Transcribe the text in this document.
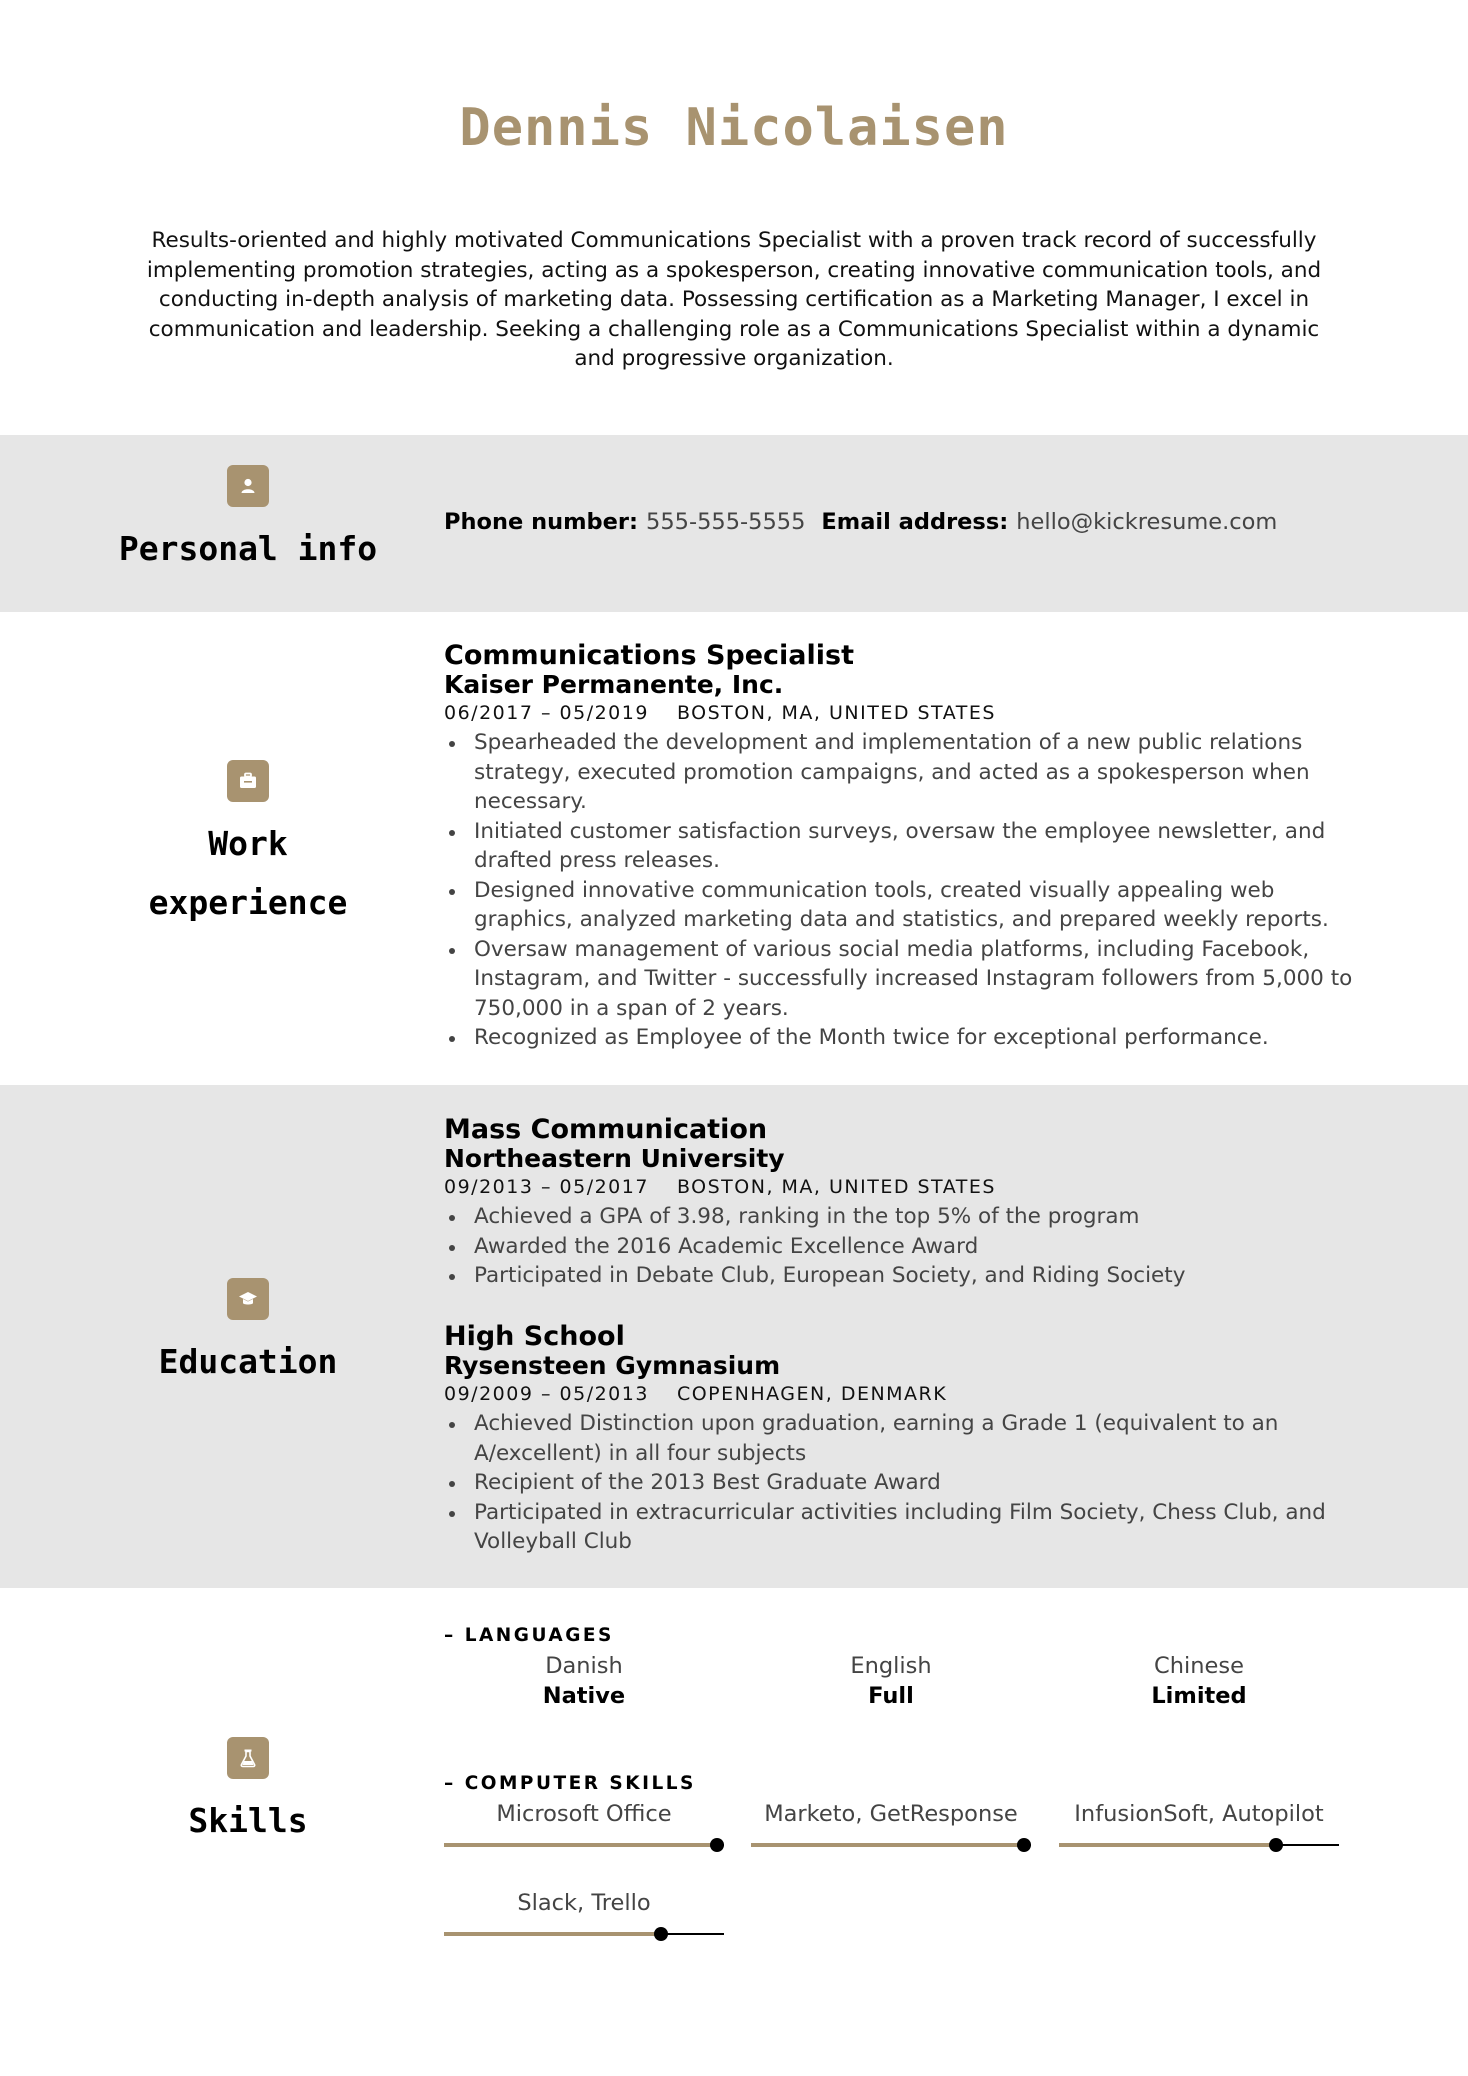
Dennis Nicolaisen

Results-oriented and highly motivated Communications Specialist with a proven track record of successfully implementing promotion strategies, acting as a spokesperson, creating innovative communication tools, and conducting in-depth analysis of marketing data. Possessing certification as a Marketing Manager, I excel in communication and leadership. Seeking a challenging role as a Communications Specialist within a dynamic and progressive organization.

Personal info
Phone number: 555-555-5555 Email address: hello@kickresume.com
Work
experience
Communications Specialist
Kaiser Permanente, Inc.
06/2017 – 05/2019 BOSTON, MA, UNITED STATES
Spearheaded the development and implementation of a new public relations strategy, executed promotion campaigns, and acted as a spokesperson when necessary.
Initiated customer satisfaction surveys, oversaw the employee newsletter, and drafted press releases.
Designed innovative communication tools, created visually appealing web graphics, analyzed marketing data and statistics, and prepared weekly reports.
Oversaw management of various social media platforms, including Facebook, Instagram, and Twitter - successfully increased Instagram followers from 5,000 to 750,000 in a span of 2 years.
Recognized as Employee of the Month twice for exceptional performance.
Education
Mass Communication
Northeastern University
09/2013 – 05/2017 BOSTON, MA, UNITED STATES
Achieved a GPA of 3.98, ranking in the top 5% of the program
Awarded the 2016 Academic Excellence Award
Participated in Debate Club, European Society, and Riding Society
High School
Rysensteen Gymnasium
09/2009 – 05/2013 COPENHAGEN, DENMARK
Achieved Distinction upon graduation, earning a Grade 1 (equivalent to an A/excellent) in all four subjects
Recipient of the 2013 Best Graduate Award
Participated in extracurricular activities including Film Society, Chess Club, and Volleyball Club
Skills
– LANGUAGES
Danish
Native
English
Full
Chinese
Limited
– COMPUTER SKILLS
Microsoft Office	Marketo, GetResponse	InfusionSoft, Autopilot
Slack, Trello
